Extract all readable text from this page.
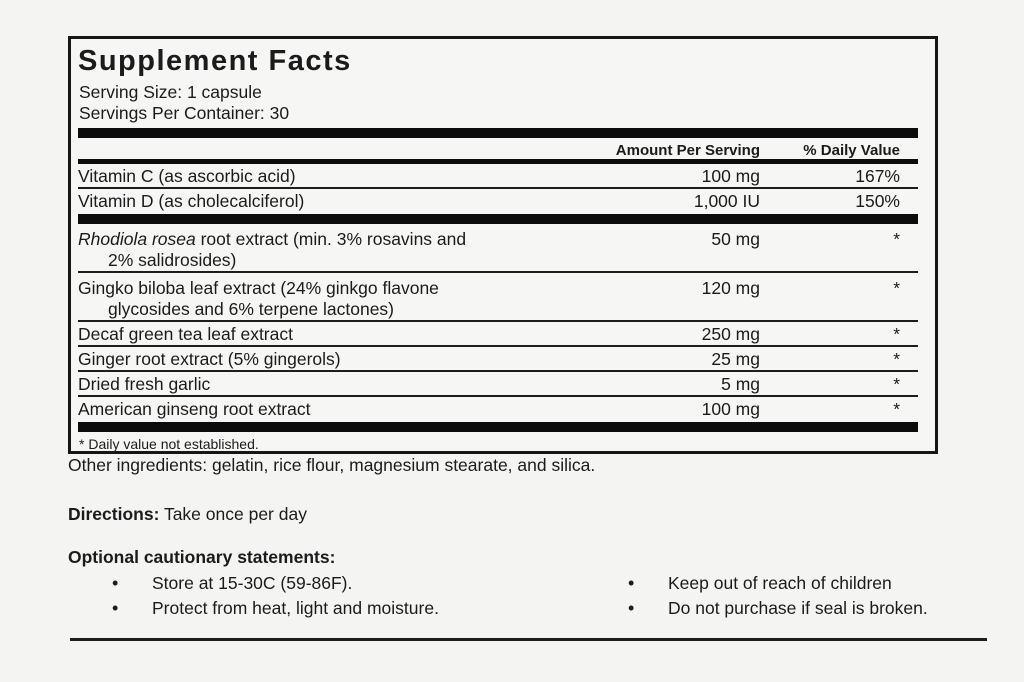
Supplement Facts
Serving Size: 1 capsule
Servings Per Container: 30
Amount Per Serving	% Daily Value
Vitamin C (as ascorbic acid)	100 mg	167%
Vitamin D (as cholecalciferol)	1,000 IU	150%
Rhodiola rosea root extract (min. 3% rosavins and
2% salidrosides)
50 mg	*
Gingko biloba leaf extract (24% ginkgo flavone
glycosides and 6% terpene lactones)
120 mg	*
Decaf green tea leaf extract	250 mg	*
Ginger root extract (5% gingerols)	25 mg	*
Dried fresh garlic	5 mg	*
American ginseng root extract	100 mg	*
* Daily value not established.
Other ingredients: gelatin, rice flour, magnesium stearate, and silica.
Directions: Take once per day
Optional cautionary statements:
•	Store at 15-30C (59-86F).
•	Protect from heat, light and moisture.
•	Keep out of reach of children
•	Do not purchase if seal is broken.
